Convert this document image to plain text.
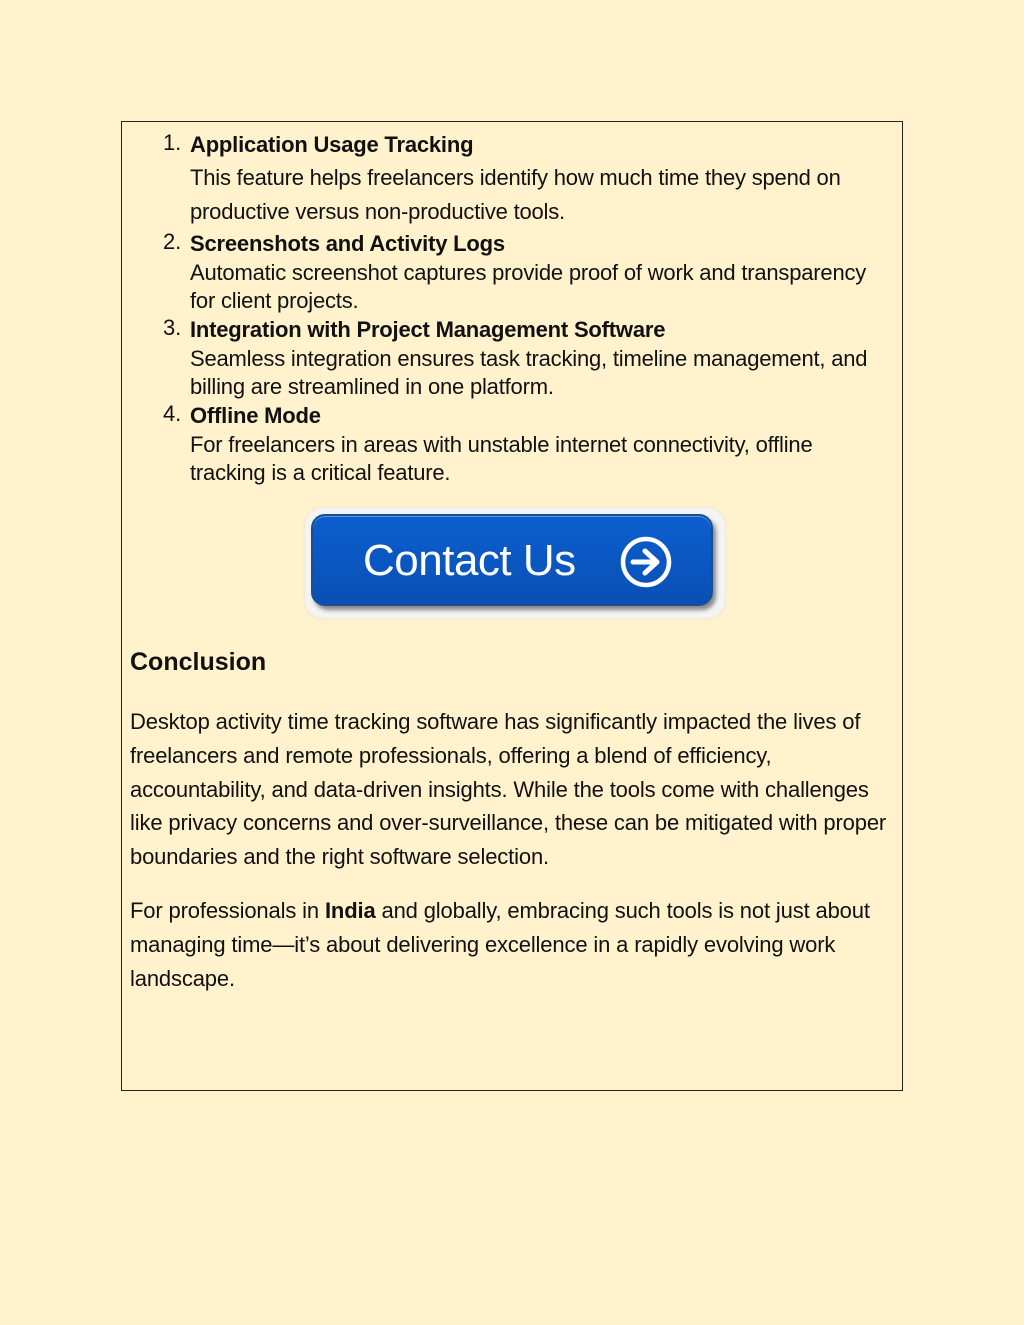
1. Application Usage Tracking
This feature helps freelancers identify how much time they spend on productive versus non-productive tools.
2. Screenshots and Activity Logs
Automatic screenshot captures provide proof of work and transparency for client projects.
3. Integration with Project Management Software
Seamless integration ensures task tracking, timeline management, and billing are streamlined in one platform.
4. Offline Mode
For freelancers in areas with unstable internet connectivity, offline tracking is a critical feature.
Contact Us
Conclusion

Desktop activity time tracking software has significantly impacted the lives of freelancers and remote professionals, offering a blend of efficiency, accountability, and data-driven insights. While the tools come with challenges like privacy concerns and over-surveillance, these can be mitigated with proper boundaries and the right software selection.

For professionals in India and globally, embracing such tools is not just about managing time—it’s about delivering excellence in a rapidly evolving work landscape.
